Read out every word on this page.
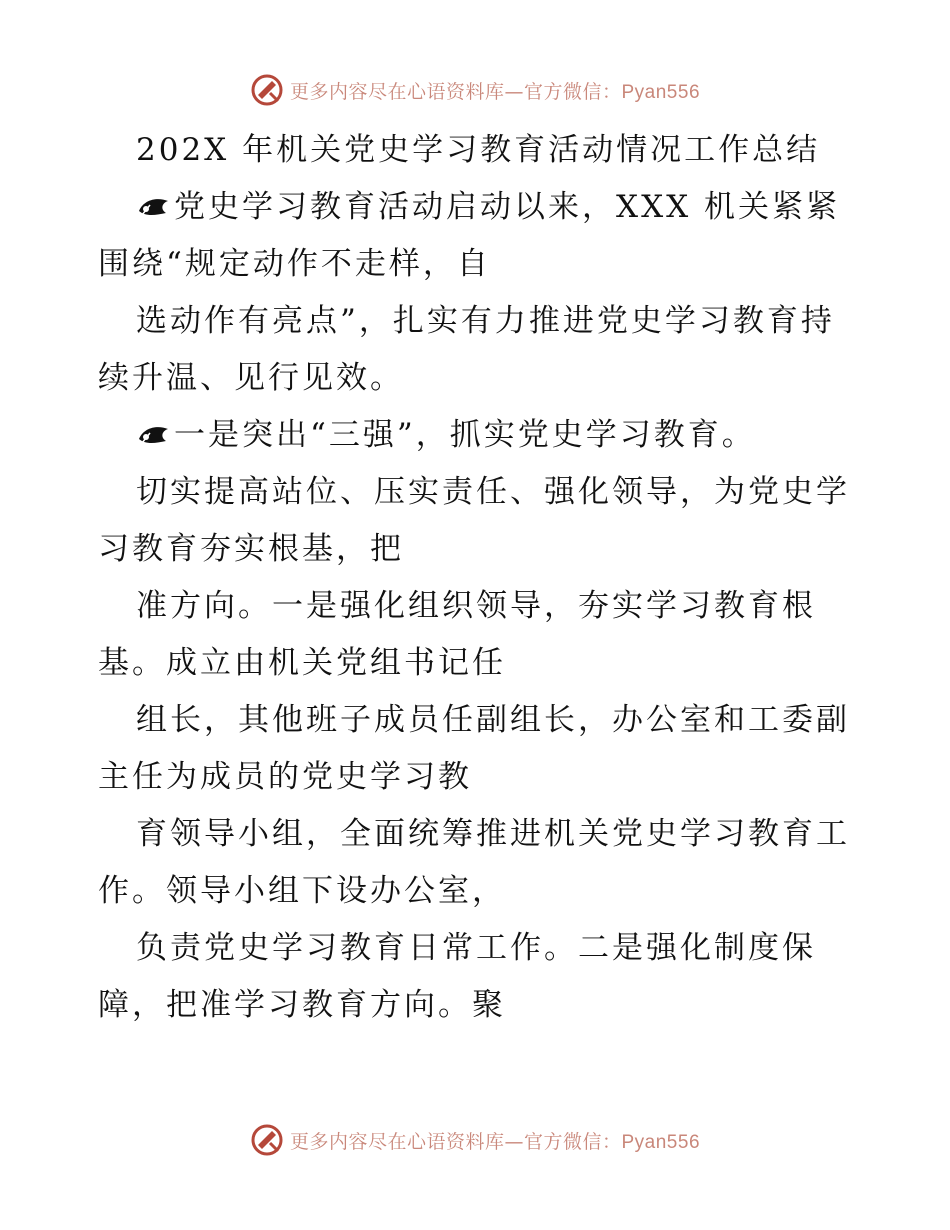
更多内容尽在心语资料库—官方微信：Pyan556
202X 年机关党史学习教育活动情况工作总结
党史学习教育活动启动以来，XXX 机关紧紧
围绕“规定动作不走样，自
选动作有亮点”，扎实有力推进党史学习教育持
续升温、见行见效。
一是突出“三强”，抓实党史学习教育。
切实提高站位、压实责任、强化领导，为党史学
习教育夯实根基，把
准方向。一是强化组织领导，夯实学习教育根
基。成立由机关党组书记任
组长，其他班子成员任副组长，办公室和工委副
主任为成员的党史学习教
育领导小组，全面统筹推进机关党史学习教育工
作。领导小组下设办公室，
负责党史学习教育日常工作。二是强化制度保
障，把准学习教育方向。聚
更多内容尽在心语资料库—官方微信：Pyan556
